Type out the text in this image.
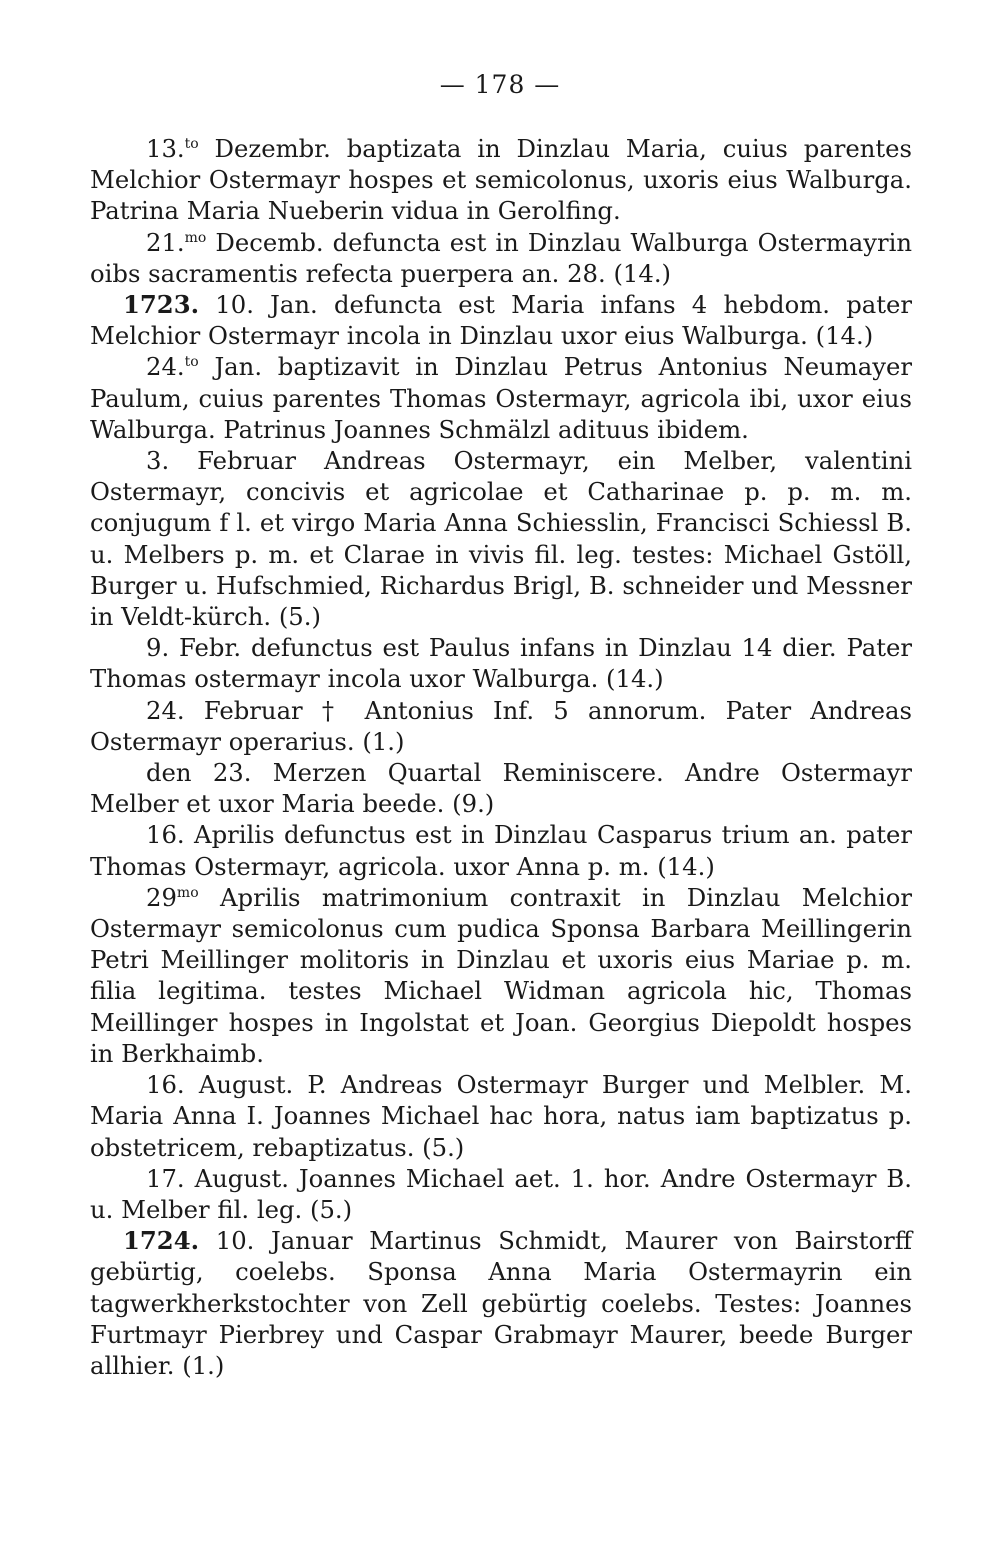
— 178 —

13.$^{to}$ Dezembr. baptizata in Dinzlau Maria, cuius parentes Melchior Ostermayr hospes et semicolonus, uxoris eius Walburga. Patrina Maria Nueberin vidua in Gerolfing.

21.$^{mo}$ Decemb. defuncta est in Dinzlau Walburga Ostermayrin oibs sacramentis refecta puerpera an. 28. (14.)

1723. 10. Jan. defuncta est Maria infans 4 hebdom. pater Melchior Ostermayr incola in Dinzlau uxor eius Walburga. (14.)

24.$^{to}$ Jan. baptizavit in Dinzlau Petrus Antonius Neumayer Paulum, cuius parentes Thomas Ostermayr, agricola ibi, uxor eius Walburga. Patrinus Joannes Schmälzl adituus ibidem.

3. Februar Andreas Ostermayr, ein Melber, valentini Ostermayr, concivis et agricolae et Catharinae p. p. m. m. conjugum f l. et virgo Maria Anna Schiesslin, Francisci Schiessl B. u. Melbers p. m. et Clarae in vivis fil. leg. testes: Michael Gstöll, Burger u. Hufschmied, Richardus Brigl, B. schneider und Messner in Veldt-kürch. (5.)

9. Febr. defunctus est Paulus infans in Dinzlau 14 dier. Pater Thomas ostermayr incola uxor Walburga. (14.)

24. Februar † Antonius Inf. 5 annorum. Pater Andreas Ostermayr operarius. (1.)

den 23. Merzen Quartal Reminiscere. Andre Ostermayr Melber et uxor Maria beede. (9.)

16. Aprilis defunctus est in Dinzlau Casparus trium an. pater Thomas Ostermayr, agricola. uxor Anna p. m. (14.)

$29^{mo}$ Aprilis matrimonium contraxit in Dinzlau Melchior Ostermayr semicolonus cum pudica Sponsa Barbara Meillingerin Petri Meillinger molitoris in Dinzlau et uxoris eius Mariae p. m. filia legitima. testes Michael Widman agricola hic, Thomas Meillinger hospes in Ingolstat et Joan. Georgius Diepoldt hospes in Berkhaimb.

16. August. P. Andreas Ostermayr Burger und Melbler. M. Maria Anna I. Joannes Michael hac hora, natus iam baptizatus p. obstetricem, rebaptizatus. (5.)

17. August. Joannes Michael aet. 1. hor. Andre Ostermayr B. u. Melber fil. leg. (5.)

1724. 10. Januar Martinus Schmidt, Maurer von Bairstorff gebürtig, coelebs. Sponsa Anna Maria Ostermayrin ein tagwerkherkstochter von Zell gebürtig coelebs. Testes: Joannes Furtmayr Pierbrey und Caspar Grabmayr Maurer, beede Burger allhier. (1.)
